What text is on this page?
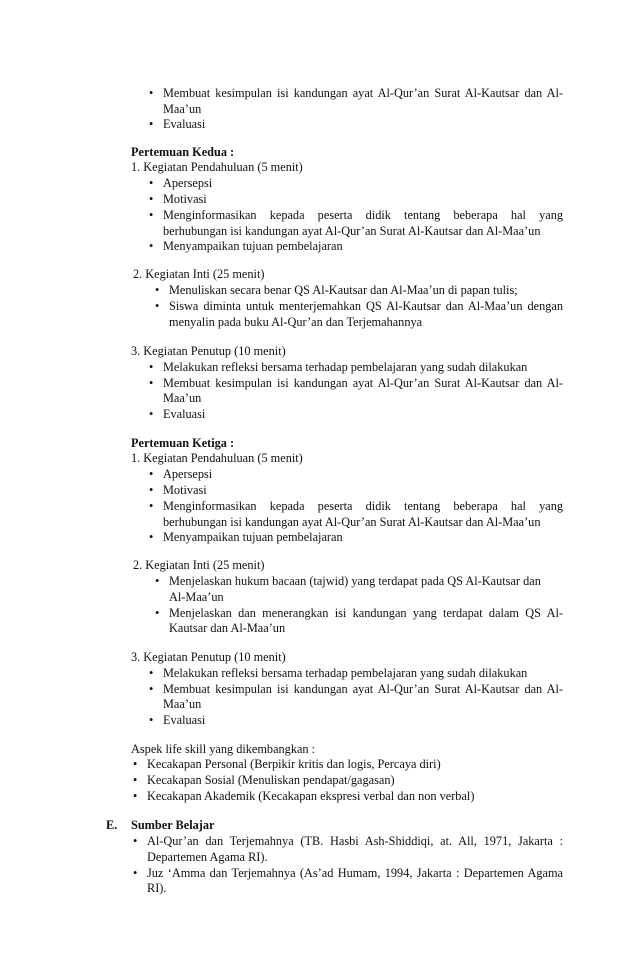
• Membuat kesimpulan isi kandungan ayat Al-Qur’an Surat Al-Kautsar dan Al-
Maa’un
• Evaluasi
Pertemuan Kedua :
1. Kegiatan Pendahuluan (5 menit)
• Apersepsi
• Motivasi
• Menginformasikan kepada peserta didik tentang beberapa hal yang
berhubungan isi kandungan ayat Al-Qur’an Surat Al-Kautsar dan Al-Maa’un
• Menyampaikan tujuan pembelajaran
2. Kegiatan Inti (25 menit)
• Menuliskan secara benar QS Al-Kautsar dan Al-Maa’un di papan tulis;
• Siswa diminta untuk menterjemahkan QS Al-Kautsar dan Al-Maa’un dengan
menyalin pada buku Al-Qur’an dan Terjemahannya
3. Kegiatan Penutup (10 menit)
• Melakukan refleksi bersama terhadap pembelajaran yang sudah dilakukan
• Membuat kesimpulan isi kandungan ayat Al-Qur’an Surat Al-Kautsar dan Al-
Maa’un
• Evaluasi
Pertemuan Ketiga :
1. Kegiatan Pendahuluan (5 menit)
• Apersepsi
• Motivasi
• Menginformasikan kepada peserta didik tentang beberapa hal yang
berhubungan isi kandungan ayat Al-Qur’an Surat Al-Kautsar dan Al-Maa’un
• Menyampaikan tujuan pembelajaran
2. Kegiatan Inti (25 menit)
• Menjelaskan hukum bacaan (tajwid) yang terdapat pada QS Al-Kautsar dan
Al-Maa’un
• Menjelaskan dan menerangkan isi kandungan yang terdapat dalam QS Al-
Kautsar dan Al-Maa’un
3. Kegiatan Penutup (10 menit)
• Melakukan refleksi bersama terhadap pembelajaran yang sudah dilakukan
• Membuat kesimpulan isi kandungan ayat Al-Qur’an Surat Al-Kautsar dan Al-
Maa’un
• Evaluasi
Aspek life skill yang dikembangkan :
• Kecakapan Personal (Berpikir kritis dan logis, Percaya diri)
• Kecakapan Sosial (Menuliskan pendapat/gagasan)
• Kecakapan Akademik (Kecakapan ekspresi verbal dan non verbal)
E. Sumber Belajar
• Al-Qur’an dan Terjemahnya (TB. Hasbi Ash-Shiddiqi, at. All, 1971, Jakarta :
Departemen Agama RI).
• Juz ‘Amma dan Terjemahnya (As’ad Humam, 1994, Jakarta : Departemen Agama
RI).
